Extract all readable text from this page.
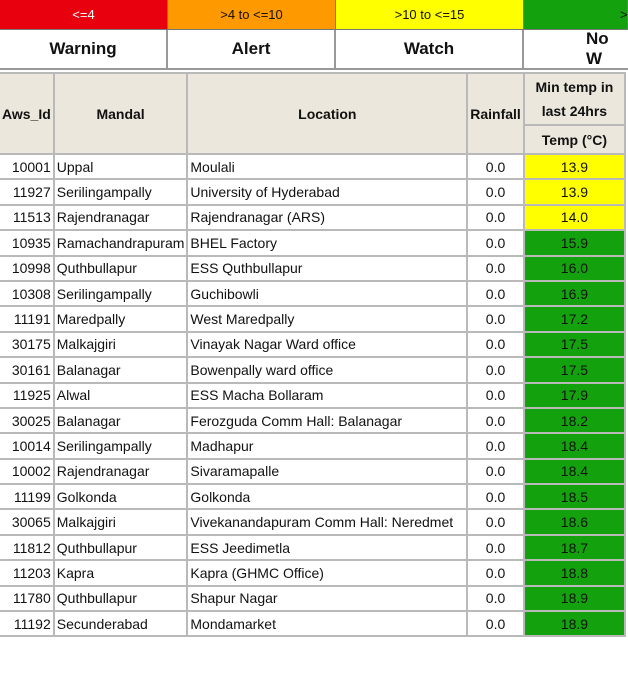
<=4	>4 to <=10	>10 to <=15	>
Warning	Alert	Watch
No W
Aws_Id	Mandal	Location	Rainfall	Min temp in last 24hrs
				Temp (°C)
10001	Uppal	Moulali	0.0	13.9
11927	Serilingampally	University of Hyderabad	0.0	13.9
11513	Rajendranagar	Rajendranagar (ARS)	0.0	14.0
10935	Ramachandrapuram	BHEL Factory	0.0	15.9
10998	Quthbullapur	ESS Quthbullapur	0.0	16.0
10308	Serilingampally	Guchibowli	0.0	16.9
11191	Maredpally	West Maredpally	0.0	17.2
30175	Malkajgiri	Vinayak Nagar Ward office	0.0	17.5
30161	Balanagar	Bowenpally ward office	0.0	17.5
11925	Alwal	ESS Macha Bollaram	0.0	17.9
30025	Balanagar	Ferozguda Comm Hall: Balanagar	0.0	18.2
10014	Serilingampally	Madhapur	0.0	18.4
10002	Rajendranagar	Sivaramapalle	0.0	18.4
11199	Golkonda	Golkonda	0.0	18.5
30065	Malkajgiri	Vivekanandapuram Comm Hall: Neredmet	0.0	18.6
11812	Quthbullapur	ESS Jeedimetla	0.0	18.7
11203	Kapra	Kapra (GHMC Office)	0.0	18.8
11780	Quthbullapur	Shapur Nagar	0.0	18.9
11192	Secunderabad	Mondamarket	0.0	18.9
